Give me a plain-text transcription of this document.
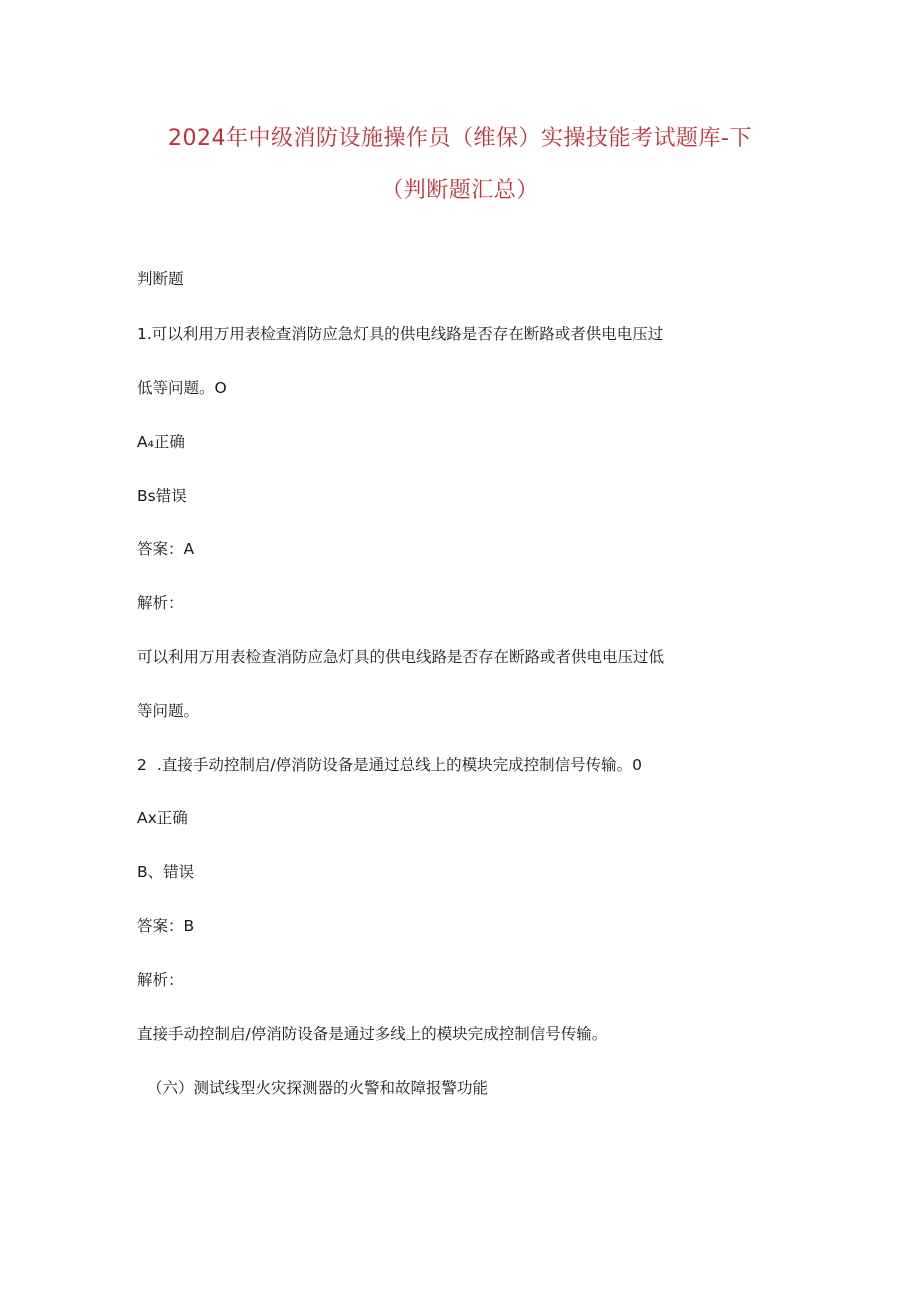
2024年中级消防设施操作员（维保）实操技能考试题库-下
（判断题汇总）

判断题

1.可以利用万用表检查消防应急灯具的供电线路是否存在断路或者供电电压过

低等问题。O

A₄正确

Bs错误

答案：A

解析：

可以利用万用表检查消防应急灯具的供电线路是否存在断路或者供电电压过低

等问题。

2 .直接手动控制启/停消防设备是通过总线上的模块完成控制信号传输。0

Ax正确

B、错误

答案：B

解析：

直接手动控制启/停消防设备是通过多线上的模块完成控制信号传输。

（六）测试线型火灾探测器的火警和故障报警功能
